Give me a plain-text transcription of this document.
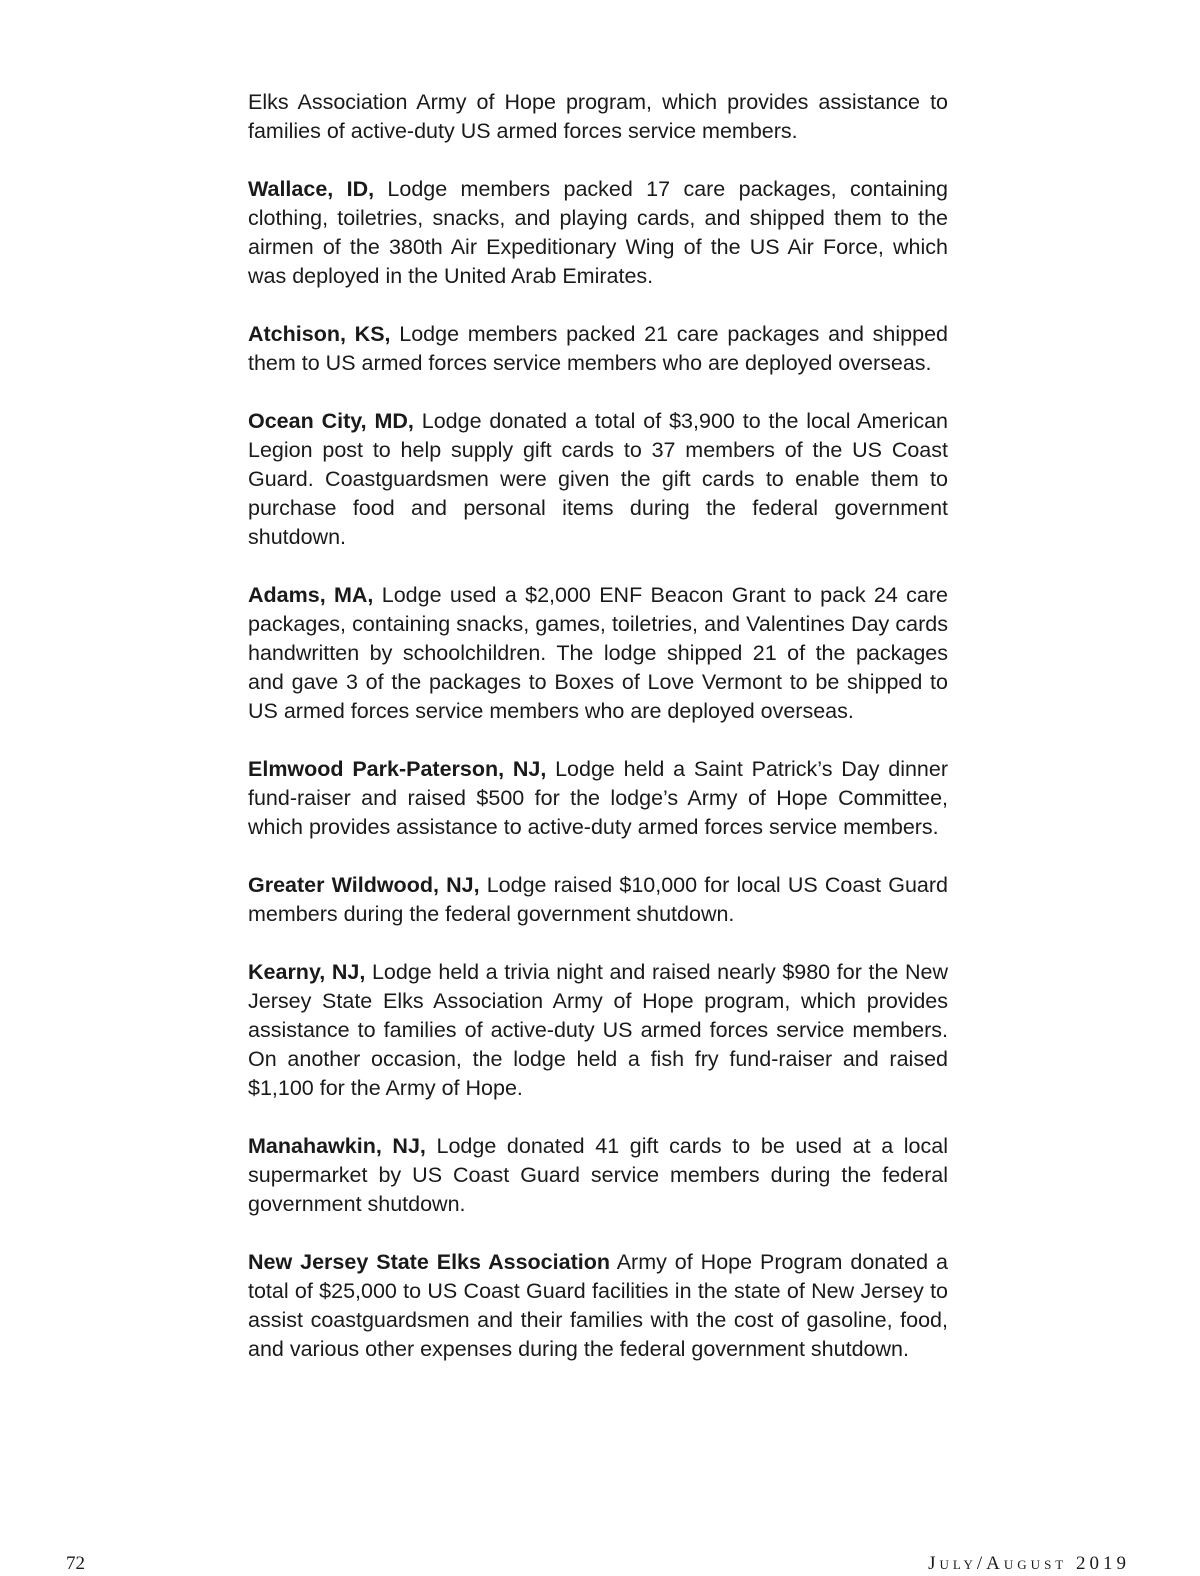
Elks Association Army of Hope program, which provides assistance to families of active-duty US armed forces service members.

Wallace, ID, Lodge members packed 17 care packages, containing clothing, toiletries, snacks, and playing cards, and shipped them to the airmen of the 380th Air Expeditionary Wing of the US Air Force, which was deployed in the United Arab Emirates.

Atchison, KS, Lodge members packed 21 care packages and shipped them to US armed forces service members who are deployed overseas.

Ocean City, MD, Lodge donated a total of $3,900 to the local American Legion post to help supply gift cards to 37 members of the US Coast Guard. Coastguardsmen were given the gift cards to enable them to purchase food and personal items during the federal government shutdown.

Adams, MA, Lodge used a $2,000 ENF Beacon Grant to pack 24 care packages, containing snacks, games, toiletries, and Valentines Day cards handwritten by schoolchildren. The lodge shipped 21 of the packages and gave 3 of the packages to Boxes of Love Vermont to be shipped to US armed forces service members who are deployed overseas.

Elmwood Park-Paterson, NJ, Lodge held a Saint Patrick’s Day dinner fund-raiser and raised $500 for the lodge’s Army of Hope Committee, which provides assistance to active-duty armed forces service members.

Greater Wildwood, NJ, Lodge raised $10,000 for local US Coast Guard members during the federal government shutdown.

Kearny, NJ, Lodge held a trivia night and raised nearly $980 for the New Jersey State Elks Association Army of Hope program, which provides assistance to families of active-duty US armed forces service members. On another occasion, the lodge held a fish fry fund-raiser and raised $1,100 for the Army of Hope.

Manahawkin, NJ, Lodge donated 41 gift cards to be used at a local supermarket by US Coast Guard service members during the federal government shutdown.

New Jersey State Elks Association Army of Hope Program donated a total of $25,000 to US Coast Guard facilities in the state of New Jersey to assist coastguardsmen and their families with the cost of gasoline, food, and various other expenses during the federal government shutdown.

72	July/August 2019
